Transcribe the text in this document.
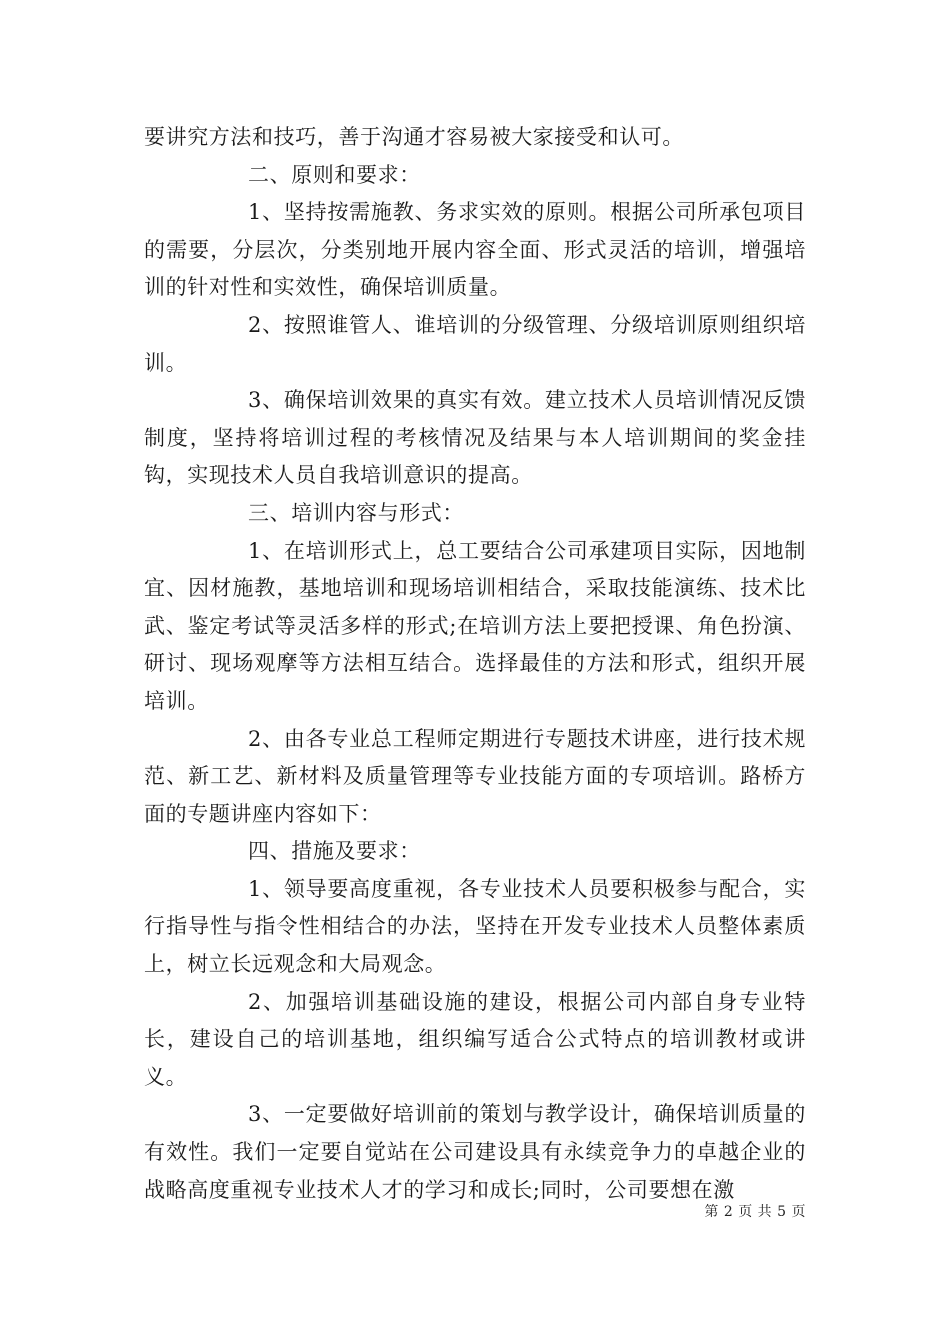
要讲究方法和技巧，善于沟通才容易被大家接受和认可。

二、原则和要求：

1、坚持按需施教、务求实效的原则。根据公司所承包项目的需要，分层次，分类别地开展内容全面、形式灵活的培训，增强培训的针对性和实效性，确保培训质量。

2、按照谁管人、谁培训的分级管理、分级培训原则组织培训。

3、确保培训效果的真实有效。建立技术人员培训情况反馈制度，坚持将培训过程的考核情况及结果与本人培训期间的奖金挂钩，实现技术人员自我培训意识的提高。

三、培训内容与形式：

1、在培训形式上，总工要结合公司承建项目实际，因地制宜、因材施教，基地培训和现场培训相结合，采取技能演练、技术比武、鉴定考试等灵活多样的形式;在培训方法上要把授课、角色扮演、研讨、现场观摩等方法相互结合。选择最佳的方法和形式，组织开展培训。

2、由各专业总工程师定期进行专题技术讲座，进行技术规范、新工艺、新材料及质量管理等专业技能方面的专项培训。路桥方面的专题讲座内容如下：

四、措施及要求：

1、领导要高度重视，各专业技术人员要积极参与配合，实行指导性与指令性相结合的办法，坚持在开发专业技术人员整体素质上，树立长远观念和大局观念。

2、加强培训基础设施的建设，根据公司内部自身专业特长，建设自己的培训基地，组织编写适合公式特点的培训教材或讲义。

3、一定要做好培训前的策划与教学设计，确保培训质量的有效性。我们一定要自觉站在公司建设具有永续竞争力的卓越企业的战略高度重视专业技术人才的学习和成长;同时，公司要想在激

第 2 页 共 5 页
